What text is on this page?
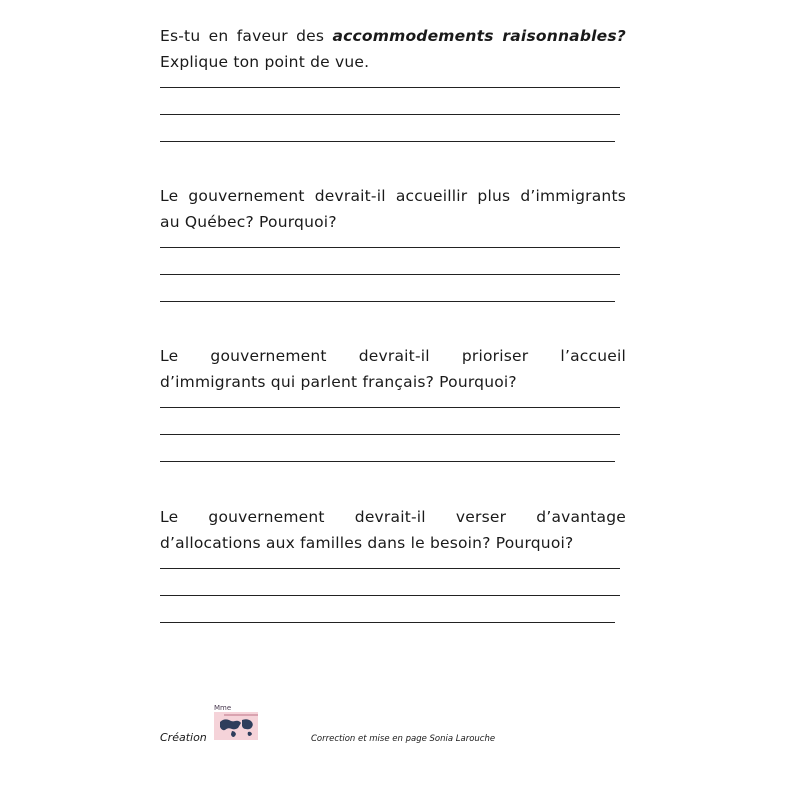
Es-tu en faveur des accommodements raisonnables? Explique ton point de vue.
Le gouvernement devrait-il accueillir plus d’immigrants au Québec? Pourquoi?
Le gouvernement devrait-il prioriser l’accueil d’immigrants qui parlent français? Pourquoi?
Le gouvernement devrait-il verser d’avantage d’allocations aux familles dans le besoin? Pourquoi?
Création
Mme
Correction et mise en page Sonia Larouche
